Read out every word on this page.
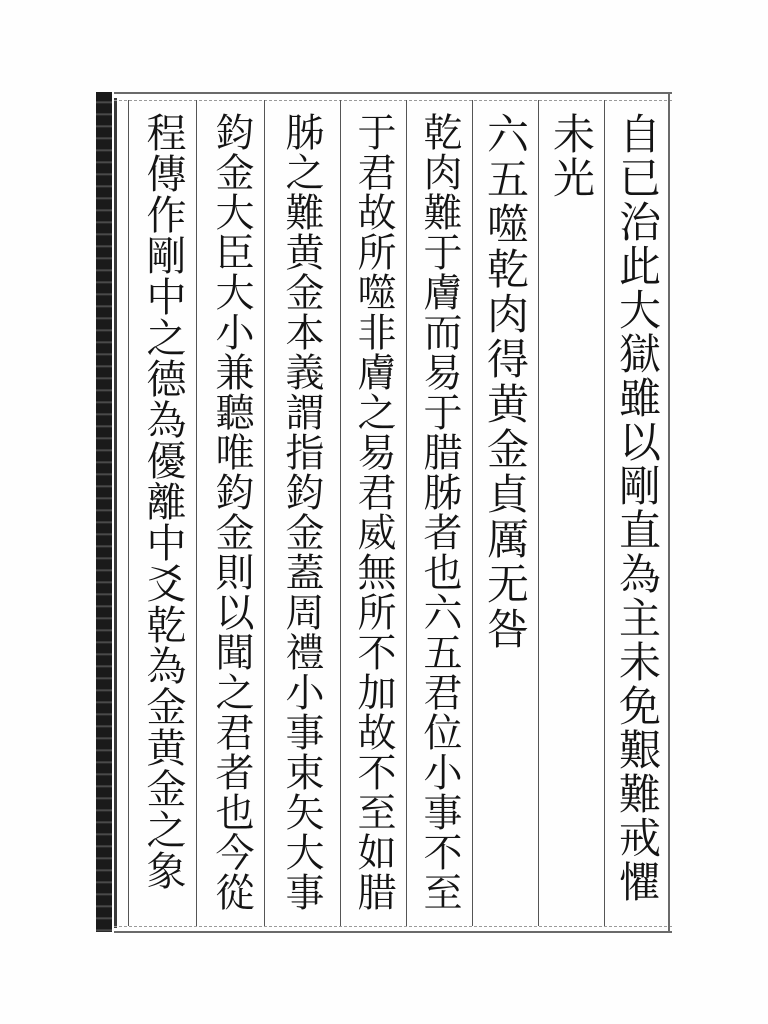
自已治此大獄雖以剛直為主未免艱難戒懼
未光
六五噬乾肉得黄金貞厲无咎
乾肉難于膚而易于腊胏者也六五君位小事不至
于君故所噬非膚之易君威無所不加故不至如腊
胏之難黄金本義謂指鈞金蓋周禮小事束矢大事
鈞金大臣大小兼聽唯鈞金則以聞之君者也今從
程傳作剛中之德為優離中爻乾為金黄金之象
